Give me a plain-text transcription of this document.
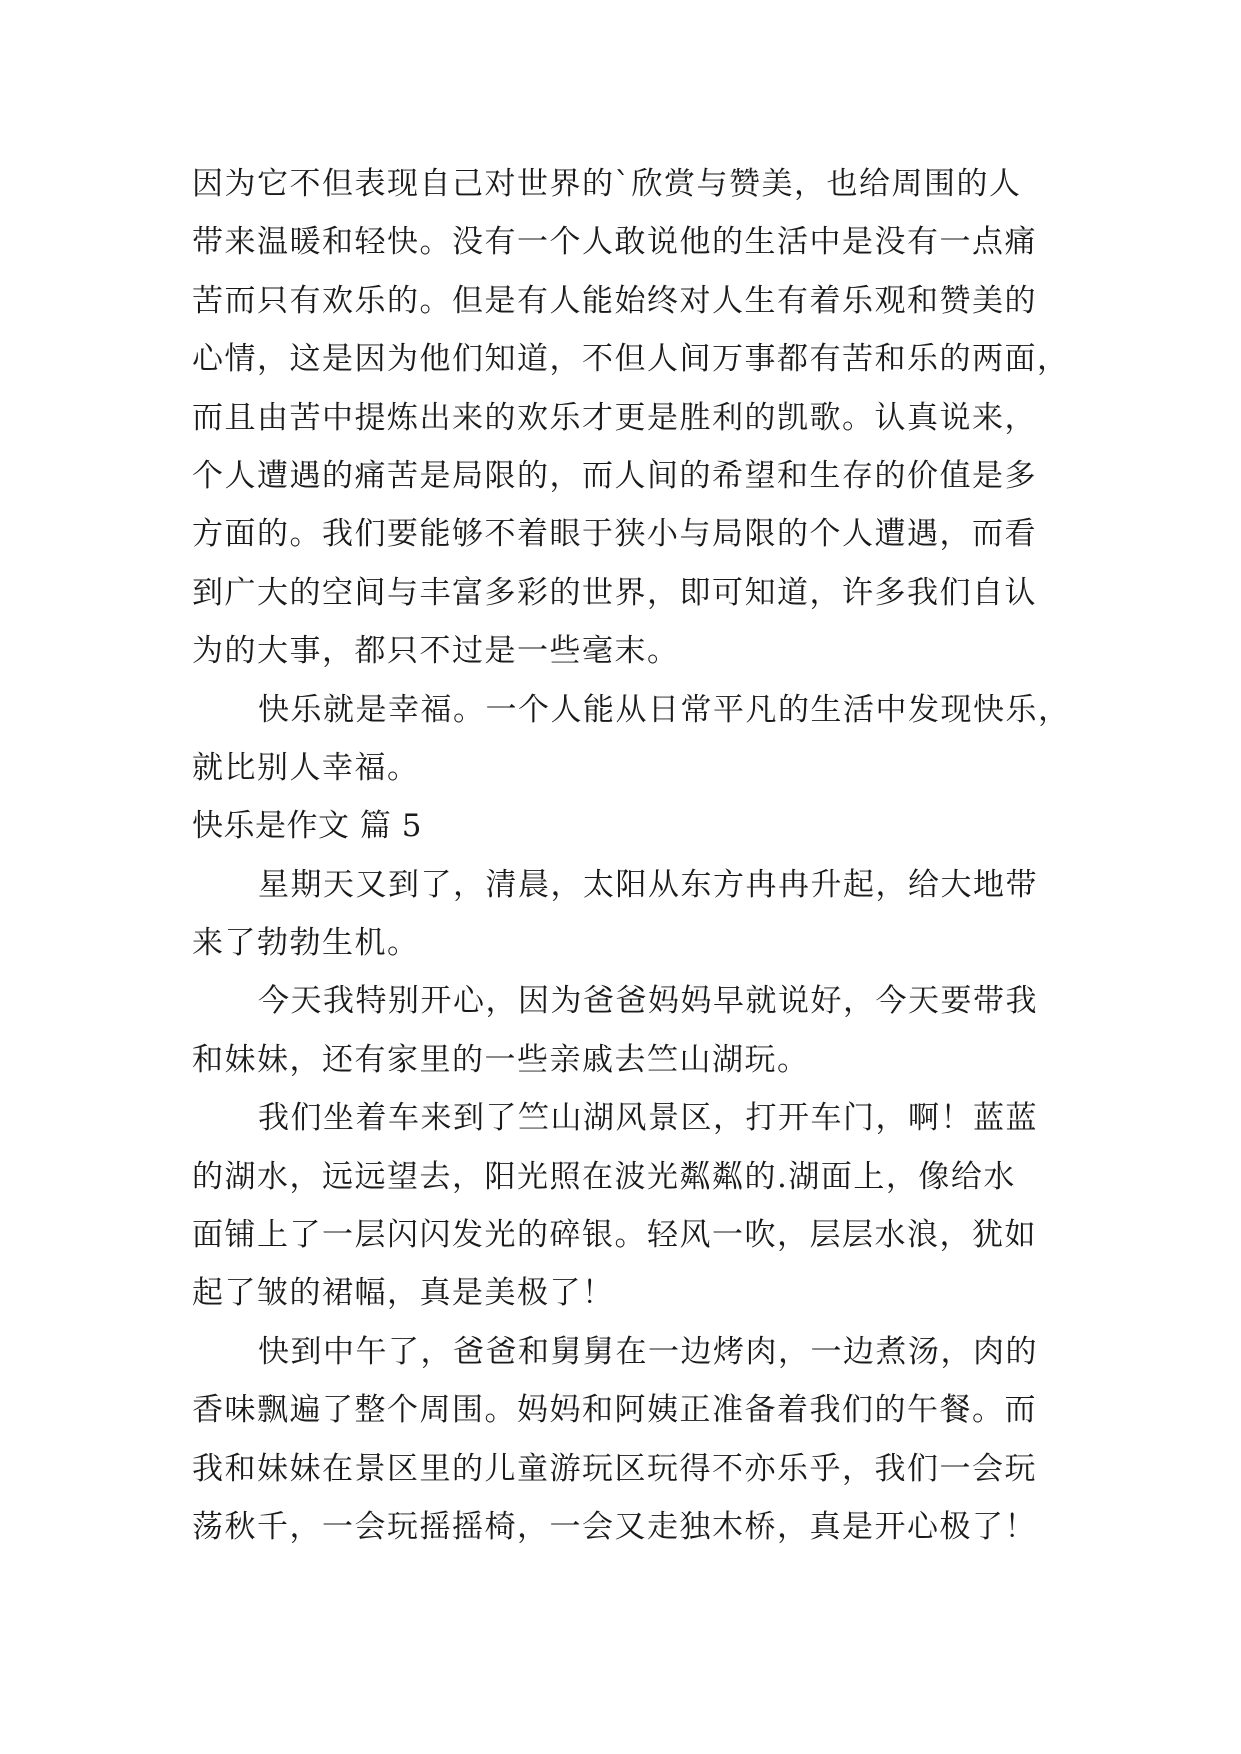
因为它不但表现自己对世界的`欣赏与赞美，也给周围的人
带来温暖和轻快。没有一个人敢说他的生活中是没有一点痛
苦而只有欢乐的。但是有人能始终对人生有着乐观和赞美的
心情，这是因为他们知道，不但人间万事都有苦和乐的两面，
而且由苦中提炼出来的欢乐才更是胜利的凯歌。认真说来，
个人遭遇的痛苦是局限的，而人间的希望和生存的价值是多
方面的。我们要能够不着眼于狭小与局限的个人遭遇，而看
到广大的空间与丰富多彩的世界，即可知道，许多我们自认
为的大事，都只不过是一些毫末。
快乐就是幸福。一个人能从日常平凡的生活中发现快乐，
就比别人幸福。
快乐是作文 篇 5
星期天又到了，清晨，太阳从东方冉冉升起，给大地带
来了勃勃生机。
今天我特别开心，因为爸爸妈妈早就说好，今天要带我
和妹妹，还有家里的一些亲戚去竺山湖玩。
我们坐着车来到了竺山湖风景区，打开车门，啊！蓝蓝
的湖水，远远望去，阳光照在波光粼粼的.湖面上，像给水
面铺上了一层闪闪发光的碎银。轻风一吹，层层水浪，犹如
起了皱的裙幅，真是美极了！
快到中午了，爸爸和舅舅在一边烤肉，一边煮汤，肉的
香味飘遍了整个周围。妈妈和阿姨正准备着我们的午餐。而
我和妹妹在景区里的儿童游玩区玩得不亦乐乎，我们一会玩
荡秋千，一会玩摇摇椅，一会又走独木桥，真是开心极了！
